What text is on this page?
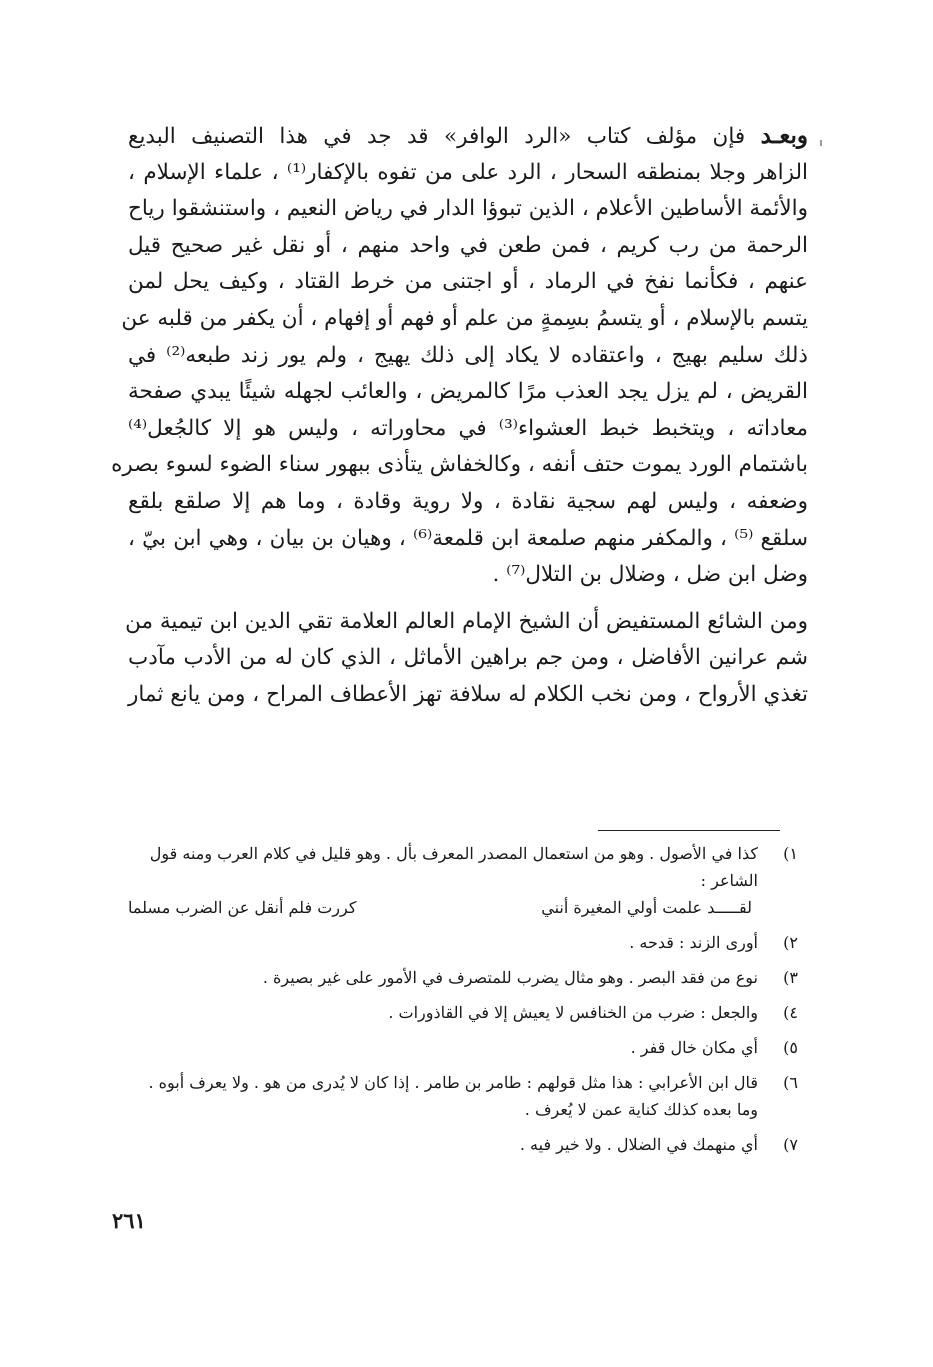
وبعـد فإن مؤلف كتاب «الرد الوافر» قد جد في هذا التصنيف البديع
الزاهر وجلا بمنطقه السحار ، الرد على من تفوه بالإكفار⁽¹⁾ ، علماء الإسلام ،
والأئمة الأساطين الأعلام ، الذين تبوؤا الدار في رياض النعيم ، واستنشقوا رياح
الرحمة من رب كريم ، فمن طعن في واحد منهم ، أو نقل غير صحيح قيل
عنهم ، فكأنما نفخ في الرماد ، أو اجتنى من خرط القتاد ، وكيف يحل لمن
يتسم بالإسلام ، أو يتسمُ بسِمةٍ من علم أو فهم أو إفهام ، أن يكفر من قلبه عن
ذلك سليم بهيج ، واعتقاده لا يكاد إلى ذلك يهيج ، ولم يور زند طبعه⁽²⁾ في
القريض ، لم يزل يجد العذب مرًا كالمريض ، والعائب لجهله شيئًا يبدي صفحة
معاداته ، ويتخبط خبط العشواء⁽³⁾ في محاوراته ، وليس هو إلا كالجُعل⁽⁴⁾
باشتمام الورد يموت حتف أنفه ، وكالخفاش يتأذى ببهور سناء الضوء لسوء بصره
وضعفه ، وليس لهم سجية نقادة ، ولا روية وقادة ، وما هم إلا صلقع بلقع
سلقع ⁽⁵⁾ ، والمكفر منهم صلمعة ابن قلمعة⁽⁶⁾ ، وهيان بن بيان ، وهي ابن بيّ ،
وضل ابن ضل ، وضلال بن التلال⁽⁷⁾ .
ومن الشائع المستفيض أن الشيخ الإمام العالم العلامة تقي الدين ابن تيمية من
شم عرانين الأفاضل ، ومن جم براهين الأماثل ، الذي كان له من الأدب مآدب
تغذي الأرواح ، ومن نخب الكلام له سلافة تهز الأعطاف المراح ، ومن يانع ثمار
١)
كذا في الأصول . وهو من استعمال المصدر المعرف بأل . وهو قليل في كلام العرب ومنه قول
الشاعر :
لقـــــد علمت أولي المغيرة أنني
كررت فلم أنقل عن الضرب مسلما
٢)
أورى الزند : قدحه .
٣)
نوع من فقد البصر . وهو مثال يضرب للمتصرف في الأمور على غير بصيرة .
٤)
والجعل : ضرب من الخنافس لا يعيش إلا في القاذورات .
٥)
أي مكان خال قفر .
٦)
قال ابن الأعرابي : هذا مثل قولهم : طامر بن طامر . إذا كان لا يُدرى من هو . ولا يعرف أبوه .
وما بعده كذلك كناية عمن لا يُعرف .
٧)
أي منهمك في الضلال . ولا خير فيه .
٢٦١
